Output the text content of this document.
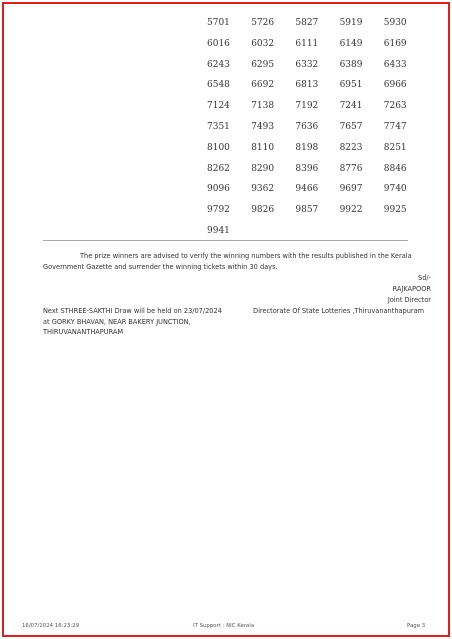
5701	5726	5827	5919	5930
6016	6032	6111	6149	6169
6243	6295	6332	6389	6433
6548	6692	6813	6951	6966
7124	7138	7192	7241	7263
7351	7493	7636	7657	7747
8100	8110	8198	8223	8251
8262	8290	8396	8776	8846
9096	9362	9466	9697	9740
9792	9826	9857	9922	9925
9941

The prize winners are advised to verify the winning numbers with the results published in the Kerala Government Gazette and surrender the winning tickets within 30 days.

Sd/-
RAJKAPOOR
Joint Director
Next STHREE-SAKTHI Draw will be held on 23/07/2024
at GORKY BHAVAN, NEAR BAKERY JUNCTION,
THIRUVANANTHAPURAM
Directorate Of State Lotteries ,Thiruvananthapuram
16/07/2024 16:23:29	IT Support : NIC Kerala	Page 3
